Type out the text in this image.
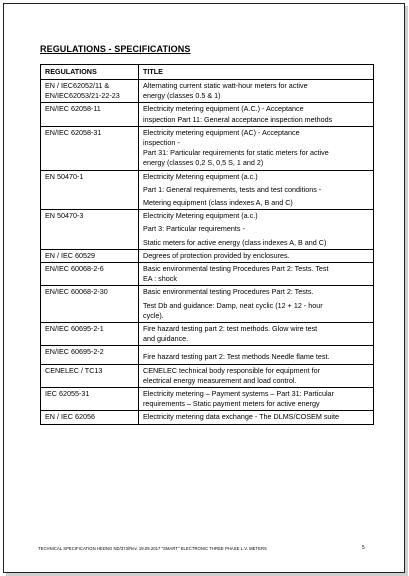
REGULATIONS - SPECIFICATIONS
REGULATIONS	TITLE

EN / IEC62052/11 &
EN/IEC62053/21-22-23	Alternating current static watt-hour meters for active
energy (classes 0.5 & 1)

EN/IEC 62058-11	Electricity metering equipment (A.C.) - Acceptance
inspection Part 11: General acceptance inspection methods

EN/IEC 62058-31	Electricity metering equipment (AC) - Acceptance
inspection -
Part 31: Particular requirements for static meters for active
energy (classes 0,2 S, 0,5 S, 1 and 2)

EN 50470-1	Electricity Metering equipment (a.c.)
Part 1: General requirements, tests and test conditions -
Metering equipment (class indexes A, B and C)

EN 50470-3	Electricity Metering equipment (a.c.)
Part 3: Particular requirements -
Static meters for active energy (class indexes A, B and C)

EN / IEC 60529	Degrees of protection provided by enclosures.

EN/IEC 60068-2-6	Basic environmental testing Procedures Part 2: Tests. Test
EA : shock

EN/IEC 60068-2-30	Basic environmental testing Procedures Part 2: Tests.
Test Db and guidance: Damp, neat cyclic (12 + 12 - hour
cycle).

EN/IEC 60695-2-1	Fire hazard testing part 2: test methods. Glow wire test
and guidance.

EN/IEC 60695-2-2	Fire hazard testing part 2: Test methods Needle flame test.

CENELEC / TC13	CENELEC technical body responsible for equipment for
electrical energy measurement and load control.

IEC 62055-31	Electricity metering – Payment systems – Part 31: Particular
requirements – Static payment meters for active energy

EN / IEC 62056	Electricity metering data exchange - The DLMS/COSEM suite
TECHNICAL SPECIFICATION HEDNO ND/373/Rev. 19.09.2017 "SMART" ELECTRONIC THREE PHASE L.V. METERS	5
